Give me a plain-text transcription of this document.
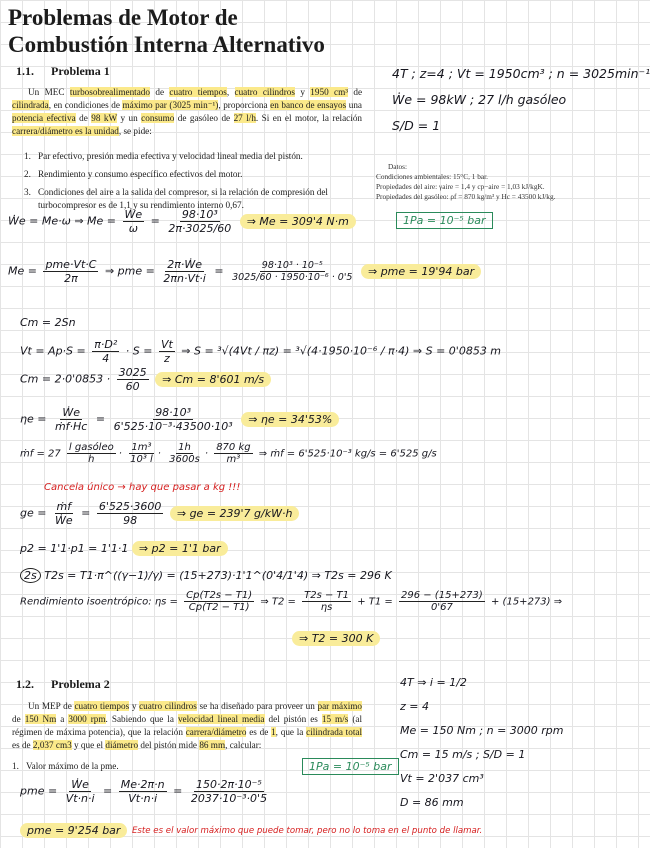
Problemas de Motor de
Combustión Interna Alternativo
1.1. Problema 1
Un MEC turbosobrealimentado de cuatro tiempos, cuatro cilindros y 1950 cm³ de cilindrada, en condiciones de máximo par (3025 min⁻¹), proporciona en banco de ensayos una potencia efectiva de 98 kW y un consumo de gasóleo de 27 l/h. Si en el motor, la relación carrera/diámetro es la unidad, se pide:
1. Par efectivo, presión media efectiva y velocidad lineal media del pistón.
2. Rendimiento y consumo específico efectivos del motor.
3. Condiciones del aire a la salida del compresor, si la relación de compresión del turbocompresor es de 1,1 y su rendimiento interno 0,67.
Datos:
Condiciones ambientales: 15°C, 1 bar.
Propiedades del aire: γaire = 1,4 y cp−aire = 1,03 kJ/kgK.
Propiedades del gasóleo: ρf = 870 kg/m³ y Hc = 43500 kJ/kg.
4T ; z=4 ; Vt = 1950cm³ ; n = 3025min⁻¹
Ẇe = 98kW ; 27 l/h gasóleo
S/D = 1
Ẇe = Me·ω ⇒ $Me = \frac{\text{Ẇe}}{\omega} = \frac{\text{98·10³}}{2\pi\cdot 3025/60}$ ⇒ Me = 309'4 N·m	1Pa = 10⁻⁵ bar
$Me = \frac{\text{pme·Vt·C}}{2\pi}$ ⇒ pme = $\frac{\text{2π·Ẇe}}{2\pi n\cdot Vt\cdot i} = \frac{\text{98·10³ · 10⁻⁵}}{\text{3025/60 · 1950·10⁻⁶ · 0'5}}$ ⇒ pme = 19'94 bar
Cm = 2Sn
$Vt = Ap\cdot S = \frac{\text{π·D²}}{4} \cdot S = \frac{Vt}{z}$ ⇒ S = ³√(4Vt / πz) = ³√(4·1950·10⁻⁶ / π·4) ⇒ S = 0'0853 m
$Cm = 2\cdot 0'0853 \cdot \frac{3025}{60}$ ⇒ Cm = 8'601 m/s
$\eta e = \frac{\text{Ẇe}}{\text{ṁf·Hc}} = \frac{\text{98·10³}}{\text{6'525·10⁻³·43500·10³}}$ ⇒ ηe = 34'53%
ṁf = $27 \frac{\text{l gasóleo}}{h} \cdot \frac{\text{1m³}}{\text{10³ l}} \cdot \frac{1h}{3600s} \cdot \frac{870 kg}{\text{m³}}$ ⇒ ṁf = 6'525·10⁻³ kg/s = 6'525 g/s
Cancela único → hay que pasar a kg !!!
ge = $\frac{\text{ṁf}}{\text{Ẇe}} = \frac{6'525\cdot 3600}{98}$ ⇒ ge = 239'7 g/kW·h
p2 = 1'1·p1 = 1'1·1 ⇒ p2 = 1'1 bar
2s T2s = T1·π^((γ−1)/γ) = (15+273)·1'1^(0'4/1'4) ⇒ T2s = 296 K
Rendimiento isoentrópico: $\eta s = \frac{Cp(T2s - T1)}{Cp(T2 - T1)}$ ⇒ $T2 = \frac{T2s - T1}{\eta s} + T1 = \frac{296 - (15+273)}{0'67} + (15+273)$ ⇒
⇒ T2 = 300 K
1.2. Problema 2
Un MEP de cuatro tiempos y cuatro cilindros se ha diseñado para proveer un par máximo de 150 Nm a 3000 rpm. Sabiendo que la velocidad lineal media del pistón es 15 m/s (al régimen de máxima potencia), que la relación carrera/diámetro es de 1, que la cilindrada total es de 2,037 cm3 y que el diámetro del pistón mide 86 mm, calcular:
1. Valor máximo de la pme.
4T ⇒ i = 1/2
z = 4
Me = 150 Nm ; n = 3000 rpm
Cm = 15 m/s ; S/D = 1
Vt = 2'037 cm³
D = 86 mm
1Pa = 10⁻⁵ bar
pme = $\frac{\text{Ẇe}}{Vt\cdot n\cdot i} = \frac{Me\cdot 2\pi\cdot n}{Vt\cdot n\cdot i} = \frac{\text{150·2π·10⁻⁵}}{\text{2037·10⁻³·0'5}}$
pme = 9'254 bar	Este es el valor máximo que puede tomar, pero no lo toma en el punto de llamar.
